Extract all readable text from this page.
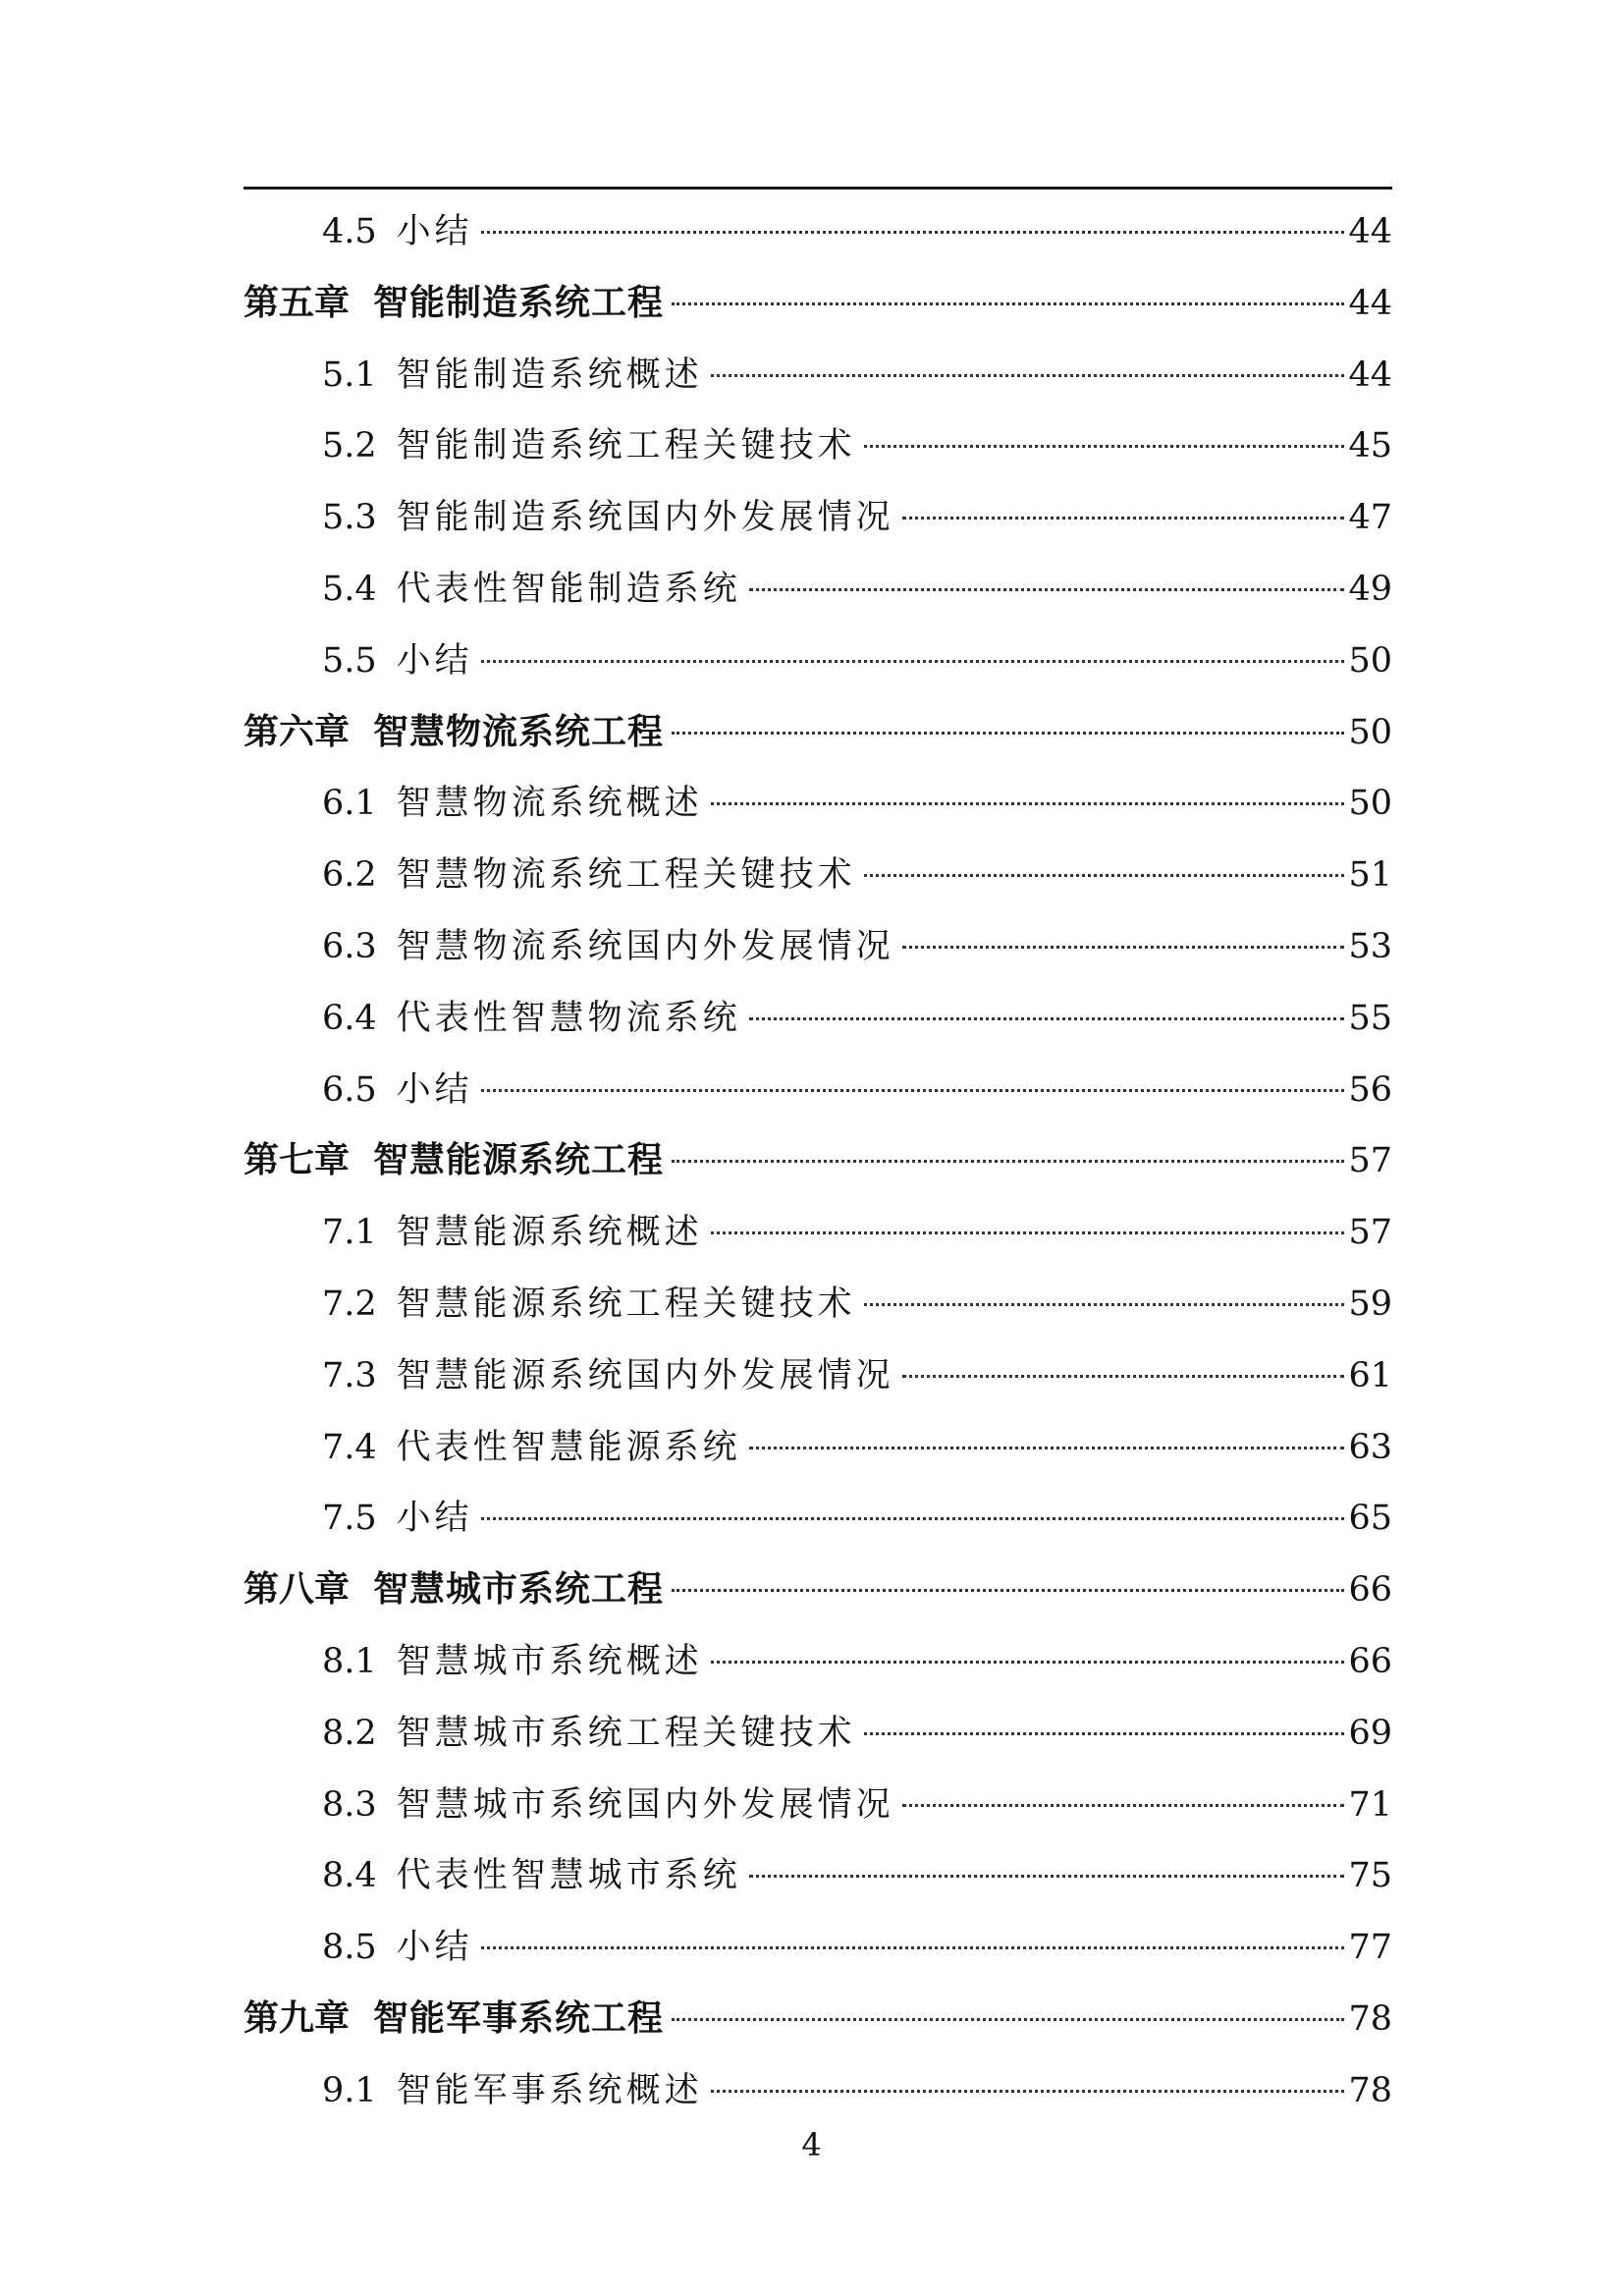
4.5 小结	44
第五章 智能制造系统工程	44
5.1 智能制造系统概述	44
5.2 智能制造系统工程关键技术	45
5.3 智能制造系统国内外发展情况	47
5.4 代表性智能制造系统	49
5.5 小结	50
第六章 智慧物流系统工程	50
6.1 智慧物流系统概述	50
6.2 智慧物流系统工程关键技术	51
6.3 智慧物流系统国内外发展情况	53
6.4 代表性智慧物流系统	55
6.5 小结	56
第七章 智慧能源系统工程	57
7.1 智慧能源系统概述	57
7.2 智慧能源系统工程关键技术	59
7.3 智慧能源系统国内外发展情况	61
7.4 代表性智慧能源系统	63
7.5 小结	65
第八章 智慧城市系统工程	66
8.1 智慧城市系统概述	66
8.2 智慧城市系统工程关键技术	69
8.3 智慧城市系统国内外发展情况	71
8.4 代表性智慧城市系统	75
8.5 小结	77
第九章 智能军事系统工程	78
9.1 智能军事系统概述	78
4
